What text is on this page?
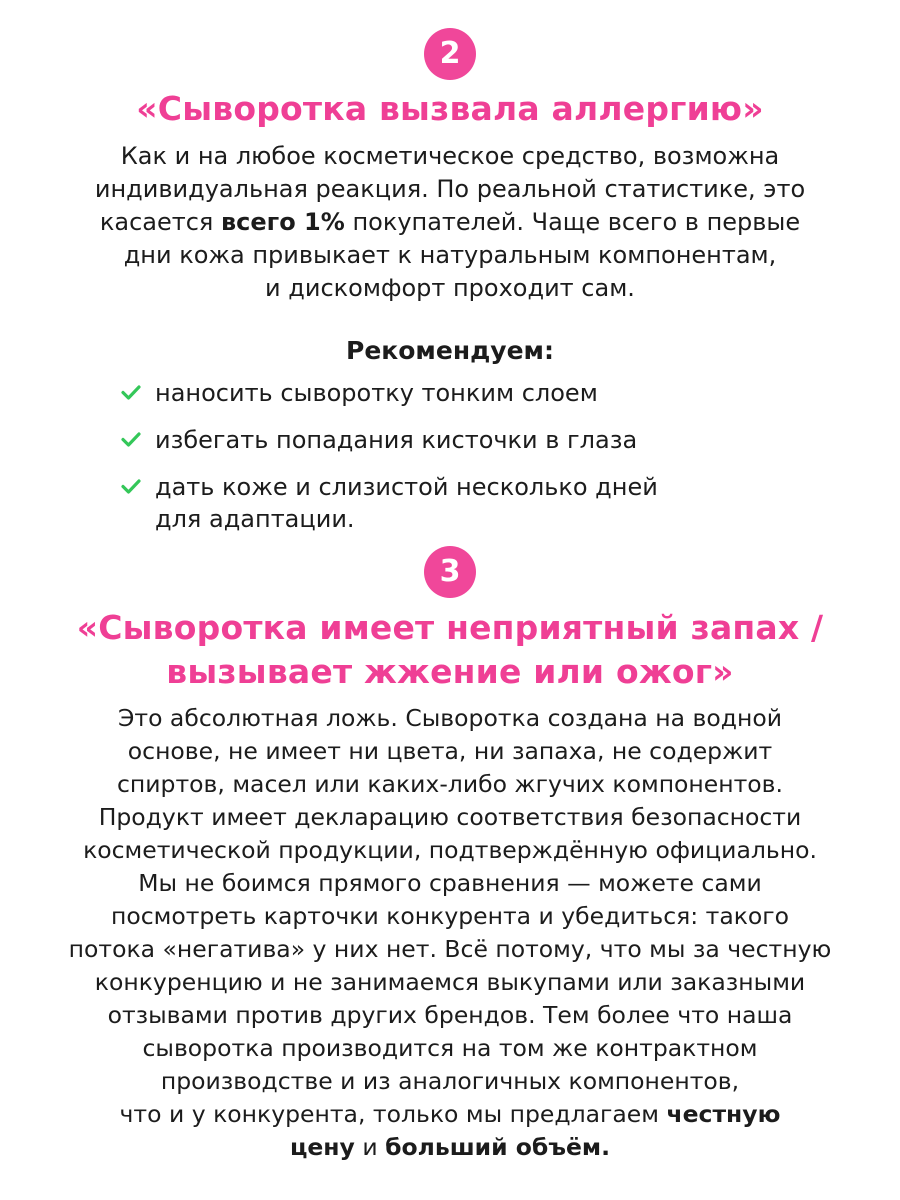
2
«Сыворотка вызвала аллергию»

Как и на любое косметическое средство, возможна
индивидуальная реакция. По реальной статистике, это
касается всего 1% покупателей. Чаще всего в первые
дни кожа привыкает к натуральным компонентам,
и дискомфорт проходит сам.

Рекомендуем:

наносить сыворотку тонким слоем
избегать попадания кисточки в глаза
дать коже и слизистой несколько дней
для адаптации.
3
«Сыворотка имеет неприятный запах /
вызывает жжение или ожог»

Это абсолютная ложь. Сыворотка создана на водной
основе, не имеет ни цвета, ни запаха, не содержит
спиртов, масел или каких-либо жгучих компонентов.
Продукт имеет декларацию соответствия безопасности
косметической продукции, подтверждённую официально.
Мы не боимся прямого сравнения — можете сами
посмотреть карточки конкурента и убедиться: такого
потока «негатива» у них нет. Всё потому, что мы за честную
конкуренцию и не занимаемся выкупами или заказными
отзывами против других брендов. Тем более что наша
сыворотка производится на том же контрактном
производстве и из аналогичных компонентов,
что и у конкурента, только мы предлагаем честную
цену и больший объём.
